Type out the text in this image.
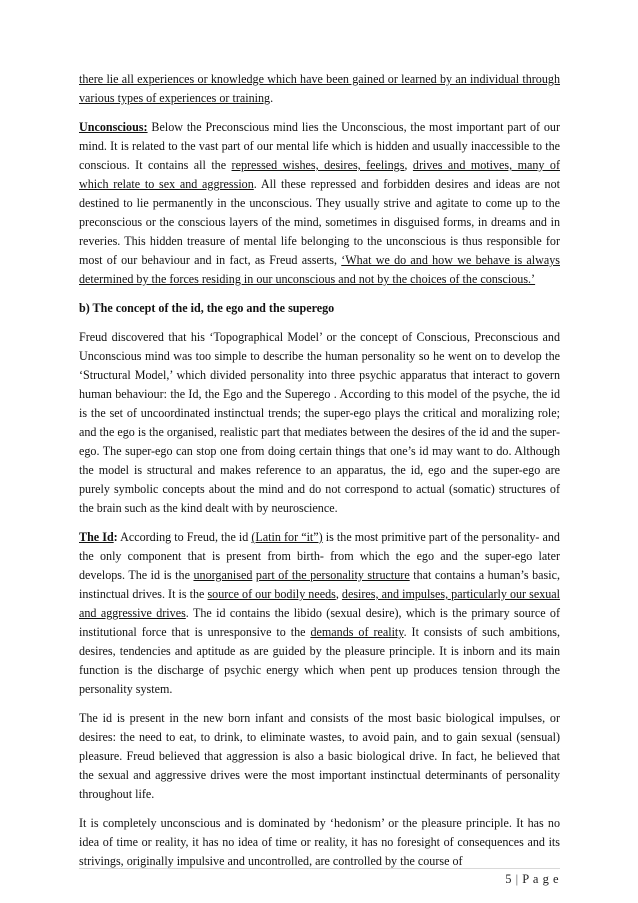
there lie all experiences or knowledge which have been gained or learned by an individual through various types of experiences or training.

Unconscious: Below the Preconscious mind lies the Unconscious, the most important part of our mind. It is related to the vast part of our mental life which is hidden and usually inaccessible to the conscious. It contains all the repressed wishes, desires, feelings, drives and motives, many of which relate to sex and aggression. All these repressed and forbidden desires and ideas are not destined to lie permanently in the unconscious. They usually strive and agitate to come up to the preconscious or the conscious layers of the mind, sometimes in disguised forms, in dreams and in reveries. This hidden treasure of mental life belonging to the unconscious is thus responsible for most of our behaviour and in fact, as Freud asserts, ‘What we do and how we behave is always determined by the forces residing in our unconscious and not by the choices of the conscious.’

b) The concept of the id, the ego and the superego

Freud discovered that his ‘Topographical Model’ or the concept of Conscious, Preconscious and Unconscious mind was too simple to describe the human personality so he went on to develop the ‘Structural Model,’ which divided personality into three psychic apparatus that interact to govern human behaviour: the Id, the Ego and the Superego . According to this model of the psyche, the id is the set of uncoordinated instinctual trends; the super-ego plays the critical and moralizing role; and the ego is the organised, realistic part that mediates between the desires of the id and the super-ego. The super-ego can stop one from doing certain things that one’s id may want to do. Although the model is structural and makes reference to an apparatus, the id, ego and the super-ego are purely symbolic concepts about the mind and do not correspond to actual (somatic) structures of the brain such as the kind dealt with by neuroscience.

The Id: According to Freud, the id (Latin for “it”) is the most primitive part of the personality- and the only component that is present from birth- from which the ego and the super-ego later develops. The id is the unorganised part of the personality structure that contains a human’s basic, instinctual drives. It is the source of our bodily needs, desires, and impulses, particularly our sexual and aggressive drives. The id contains the libido (sexual desire), which is the primary source of institutional force that is unresponsive to the demands of reality. It consists of such ambitions, desires, tendencies and aptitude as are guided by the pleasure principle. It is inborn and its main function is the discharge of psychic energy which when pent up produces tension through the personality system.

The id is present in the new born infant and consists of the most basic biological impulses, or desires: the need to eat, to drink, to eliminate wastes, to avoid pain, and to gain sexual (sensual) pleasure. Freud believed that aggression is also a basic biological drive. In fact, he believed that the sexual and aggressive drives were the most important instinctual determinants of personality throughout life.

It is completely unconscious and is dominated by ‘hedonism’ or the pleasure principle. It has no idea of time or reality, it has no idea of time or reality, it has no foresight of consequences and its strivings, originally impulsive and uncontrolled, are controlled by the course of

5 | P a g e
